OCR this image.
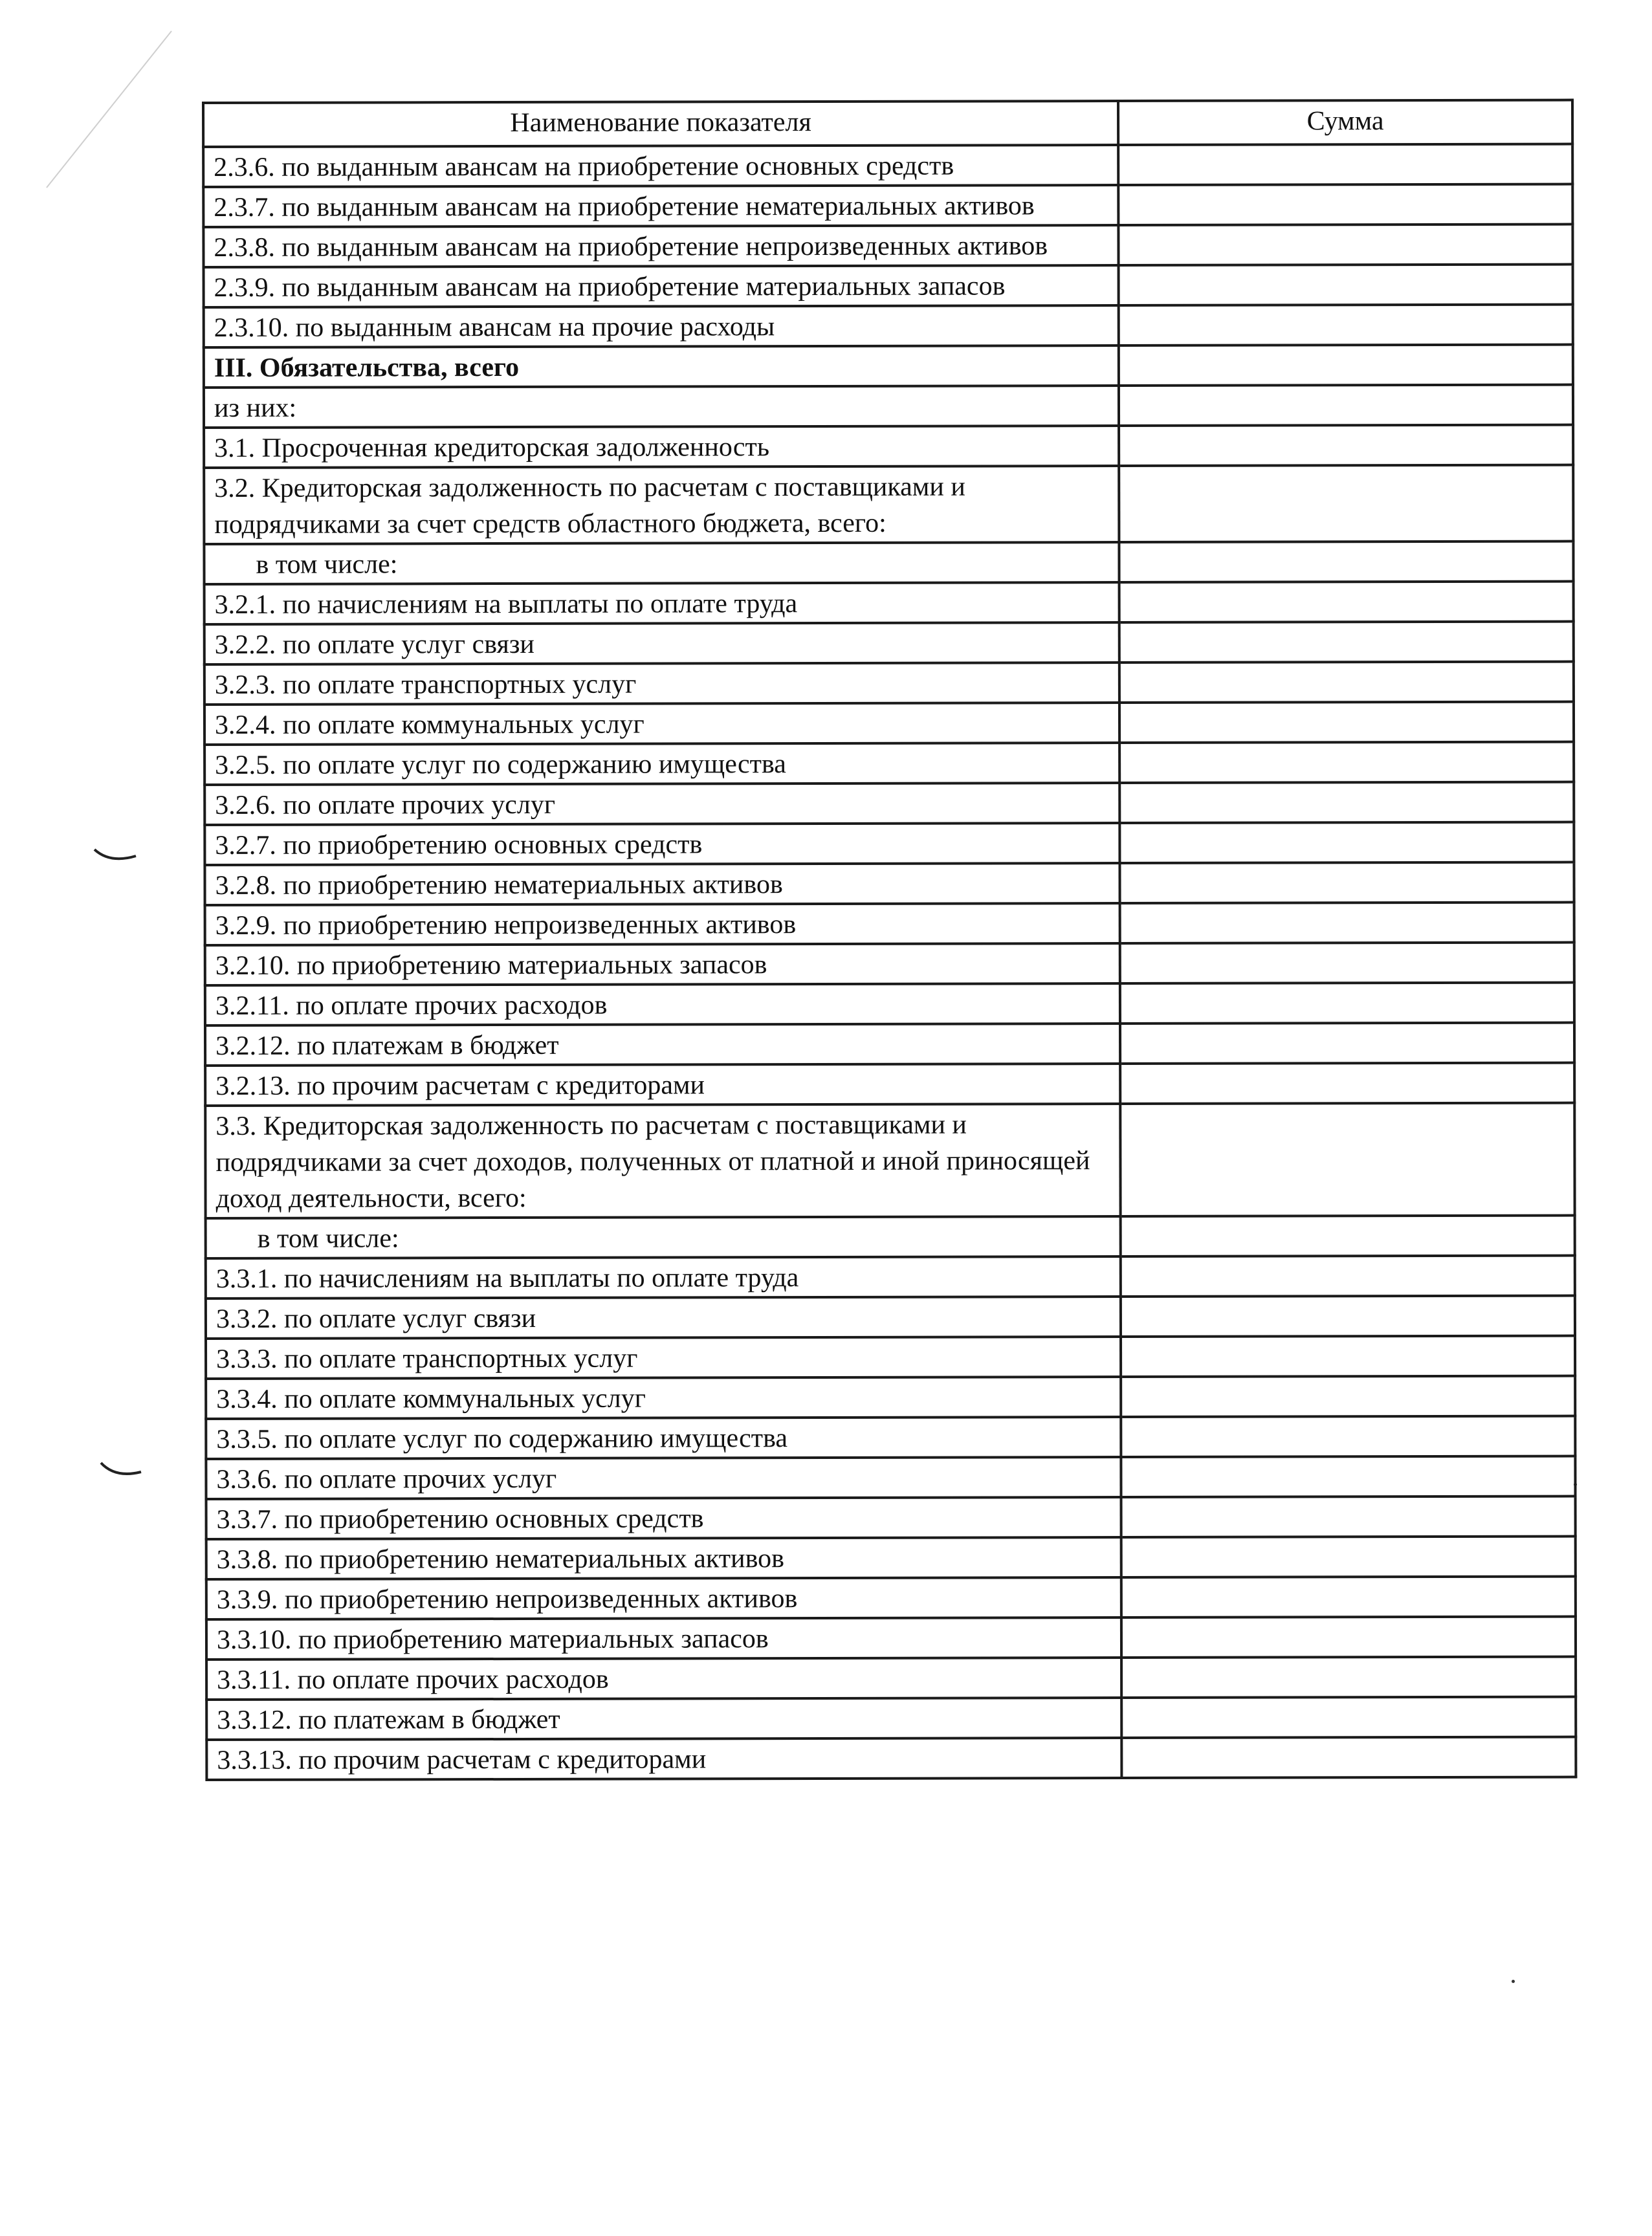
Наименование показателя	Сумма
2.3.6. по выданным авансам на приобретение основных средств	
2.3.7. по выданным авансам на приобретение нематериальных активов	
2.3.8. по выданным авансам на приобретение непроизведенных активов	
2.3.9. по выданным авансам на приобретение материальных запасов	
2.3.10. по выданным авансам на прочие расходы	
III. Обязательства, всего	
из них:	
3.1. Просроченная кредиторская задолженность	
3.2. Кредиторская задолженность по расчетам с поставщиками и подрядчиками за счет средств областного бюджета, всего:	
в том числе:	
3.2.1. по начислениям на выплаты по оплате труда	
3.2.2. по оплате услуг связи	
3.2.3. по оплате транспортных услуг	
3.2.4. по оплате коммунальных услуг	
3.2.5. по оплате услуг по содержанию имущества	
3.2.6. по оплате прочих услуг	
3.2.7. по приобретению основных средств	
3.2.8. по приобретению нематериальных активов	
3.2.9. по приобретению непроизведенных активов	
3.2.10. по приобретению материальных запасов	
3.2.11. по оплате прочих расходов	
3.2.12. по платежам в бюджет	
3.2.13. по прочим расчетам с кредиторами	
3.3. Кредиторская задолженность по расчетам с поставщиками и подрядчиками за счет доходов, полученных от платной и иной приносящей доход деятельности, всего:	
в том числе:	
3.3.1. по начислениям на выплаты по оплате труда	
3.3.2. по оплате услуг связи	
3.3.3. по оплате транспортных услуг	
3.3.4. по оплате коммунальных услуг	
3.3.5. по оплате услуг по содержанию имущества	
3.3.6. по оплате прочих услуг	
3.3.7. по приобретению основных средств	
3.3.8. по приобретению нематериальных активов	
3.3.9. по приобретению непроизведенных активов	
3.3.10. по приобретению материальных запасов	
3.3.11. по оплате прочих расходов	
3.3.12. по платежам в бюджет	
3.3.13. по прочим расчетам с кредиторами	
